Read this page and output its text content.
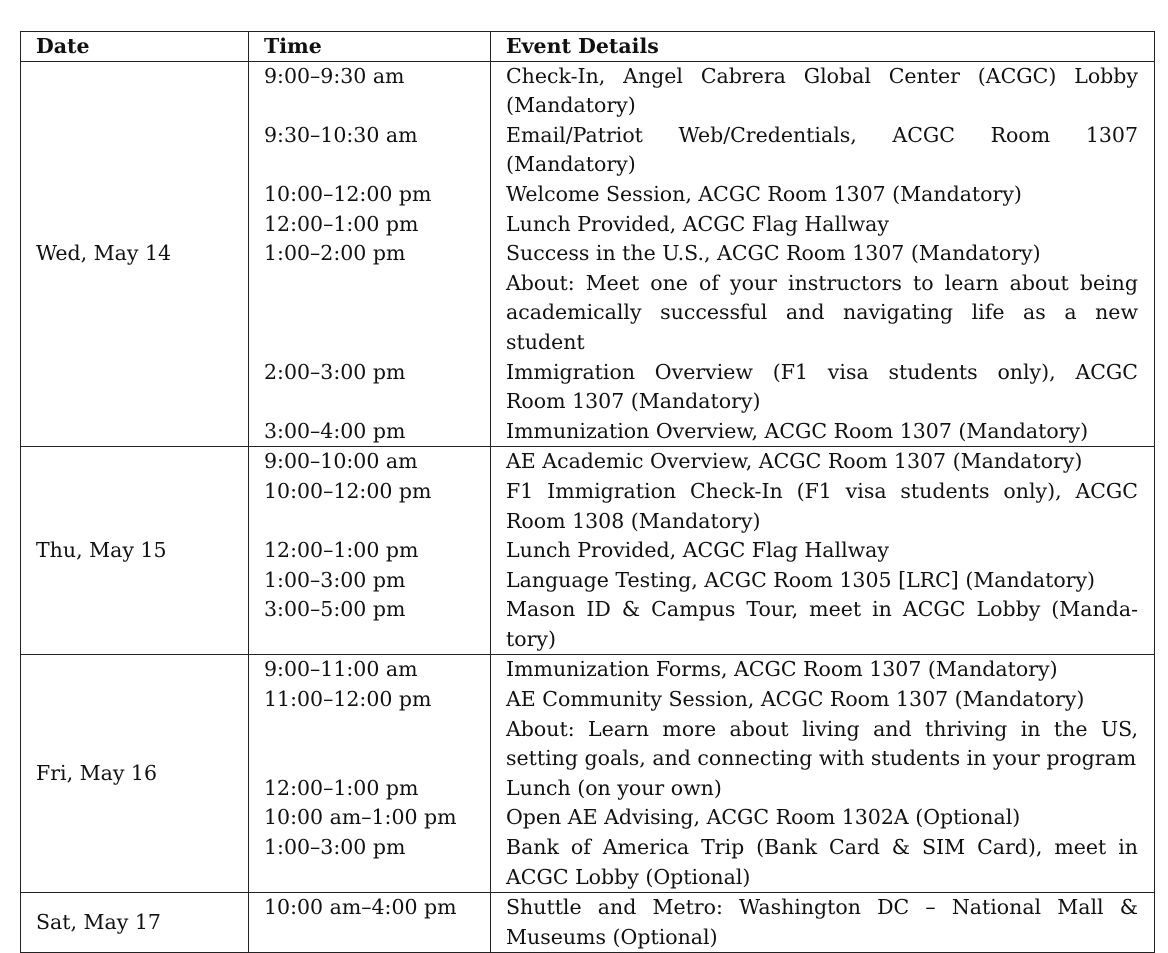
Date	Time	Event Details
Wed, May 14	9:00–9:30 am	Check-In, Angel Cabrera Global Center (ACGC) Lobby
(Mandatory)

	9:30–10:30 am	Email/Patriot Web/Credentials, ACGC Room 1307
(Mandatory)

	10:00–12:00 pm	Welcome Session, ACGC Room 1307 (Mandatory)

	12:00–1:00 pm	Lunch Provided, ACGC Flag Hallway

	1:00–2:00 pm	Success in the U.S., ACGC Room 1307 (Mandatory)

		About: Meet one of your instructors to learn about being
academically successful and navigating life as a new student

	2:00–3:00 pm	Immigration Overview (F1 visa students only), ACGC
Room 1307 (Mandatory)

	3:00–4:00 pm	Immunization Overview, ACGC Room 1307 (Mandatory)

Thu, May 15	9:00–10:00 am	AE Academic Overview, ACGC Room 1307 (Mandatory)

	10:00–12:00 pm	F1 Immigration Check-In (F1 visa students only), ACGC
Room 1308 (Mandatory)

	12:00–1:00 pm	Lunch Provided, ACGC Flag Hallway

	1:00–3:00 pm	Language Testing, ACGC Room 1305 [LRC] (Mandatory)

	3:00–5:00 pm	Mason ID & Campus Tour, meet in ACGC Lobby (Manda-
tory)

Fri, May 16	9:00–11:00 am	Immunization Forms, ACGC Room 1307 (Mandatory)

	11:00–12:00 pm	AE Community Session, ACGC Room 1307 (Mandatory)

		About: Learn more about living and thriving in the US,
setting goals, and connecting with students in your program

	12:00–1:00 pm	Lunch (on your own)

	10:00 am–1:00 pm	Open AE Advising, ACGC Room 1302A (Optional)

	1:00–3:00 pm	Bank of America Trip (Bank Card & SIM Card), meet in
ACGC Lobby (Optional)

Sat, May 17	10:00 am–4:00 pm	Shuttle and Metro: Washington DC – National Mall &
Museums (Optional)
